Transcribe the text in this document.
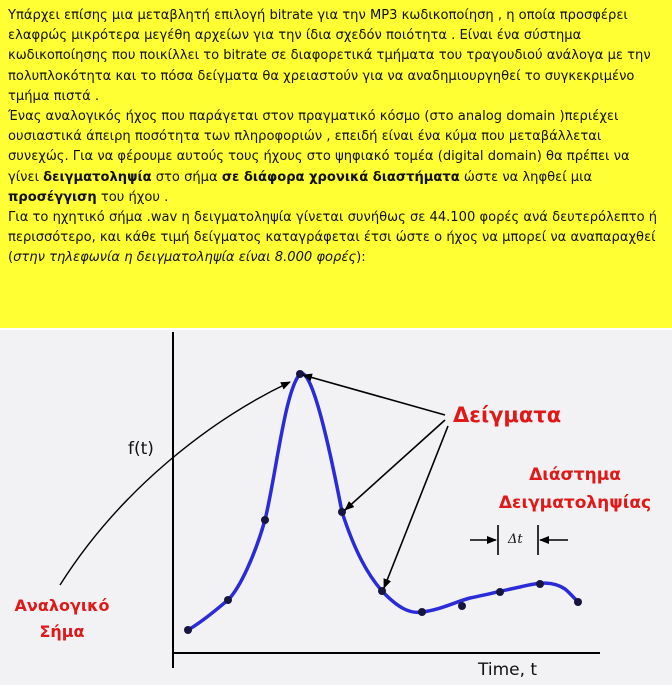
Υπάρχει επίσης μια μεταβλητή επιλογή bitrate για την MP3 κωδικοποίηση , η οποία προσφέρει ελαφρώς μικρότερα μεγέθη αρχείων για την ίδια σχεδόν ποιότητα . Είναι ένα σύστημα κωδικοποίησης που ποικίλλει το bitrate σε διαφορετικά τμήματα του τραγουδιού ανάλογα με την πολυπλοκότητα και το πόσα δείγματα θα χρειαστούν για να αναδημιουργηθεί το συγκεκριμένο τμήμα πιστά .

Ένας αναλογικός ήχος που παράγεται στον πραγματικό κόσμο (στο analog domain )περιέχει ουσιαστικά άπειρη ποσότητα των πληροφοριών , επειδή είναι ένα κύμα που μεταβάλλεται συνεχώς. Για να φέρουμε αυτούς τους ήχους στο ψηφιακό τομέα (digital domain) θα πρέπει να γίνει δειγματοληψία στο σήμα σε διάφορα χρονικά διαστήματα ώστε να ληφθεί μια προσέγγιση του ήχου .

Για το ηχητικό σήμα .wav η δειγματοληψία γίνεται συνήθως σε 44.100 φορές ανά δευτερόλεπτο ή περισσότερο, και κάθε τιμή δείγματος καταγράφεται έτσι ώστε ο ήχος να μπορεί να αναπαραχθεί (στην τηλεφωνία η δειγματοληψία είναι 8.000 φορές):

f(t)
Time, t
Δείγματα
Διάστημα
Δειγματοληψίας
Δt
Αναλογικό
Σήμα
